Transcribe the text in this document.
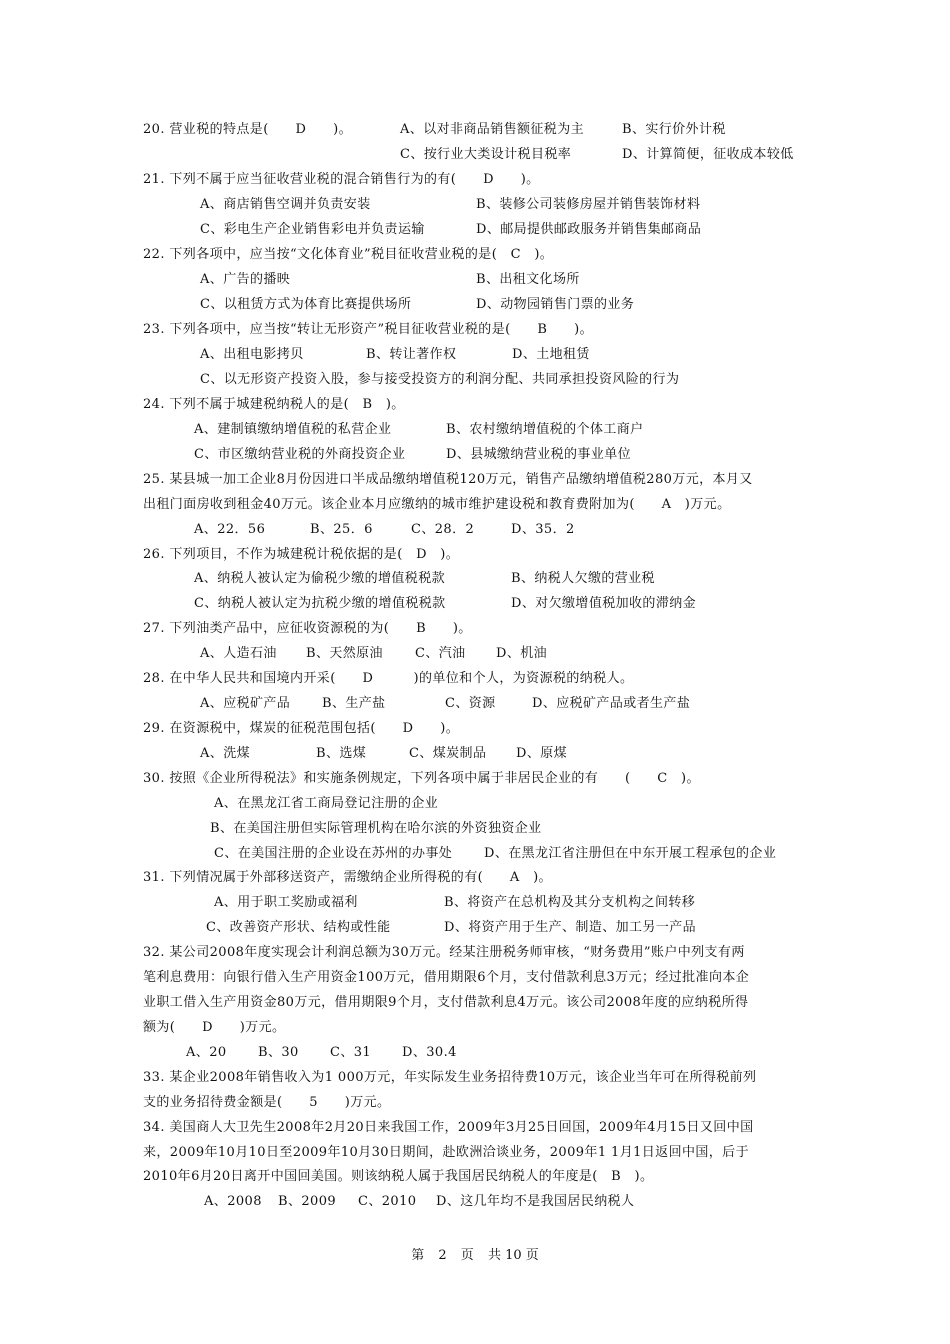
20. 营业税的特点是(　　D　　)。	A、以对非商品销售额征税为主	B、实行价外计税
C、按行业大类设计税目税率	D、计算简便，征收成本较低
21. 下列不属于应当征收营业税的混合销售行为的有(　　D　　)。
A、商店销售空调并负责安装	B、装修公司装修房屋并销售装饰材料
C、彩电生产企业销售彩电并负责运输	D、邮局提供邮政服务并销售集邮商品
22. 下列各项中，应当按“文化体育业”税目征收营业税的是(　C　)。
A、广告的播映	B、出租文化场所
C、以租赁方式为体育比赛提供场所	D、动物园销售门票的业务
23. 下列各项中，应当按“转让无形资产”税目征收营业税的是(　　B　　)。
A、出租电影拷贝	B、转让著作权	D、土地租赁
C、以无形资产投资入股，参与接受投资方的利润分配、共同承担投资风险的行为
24. 下列不属于城建税纳税人的是(　B　)。
A、建制镇缴纳增值税的私营企业	B、农村缴纳增值税的个体工商户
C、市区缴纳营业税的外商投资企业	D、县城缴纳营业税的事业单位
25. 某县城一加工企业8月份因进口半成品缴纳增值税120万元，销售产品缴纳增值税280万元，本月又
出租门面房收到租金40万元。该企业本月应缴纳的城市维护建设税和教育费附加为(　　A　)万元。
A、22．56	B、25．6	C、28．2	D、35．2
26. 下列项目，不作为城建税计税依据的是(　D　)。
A、纳税人被认定为偷税少缴的增值税税款	B、纳税人欠缴的营业税
C、纳税人被认定为抗税少缴的增值税税款	D、对欠缴增值税加收的滞纳金
27. 下列油类产品中，应征收资源税的为(　　B　　)。
A、人造石油 B、天然原油 C、汽油 D、机油
28. 在中华人民共和国境内开采(　　D　　　)的单位和个人，为资源税的纳税人。
A、应税矿产品 B、生产盐	C、资源	D、应税矿产品或者生产盐
29. 在资源税中，煤炭的征税范围包括(　　D　　)。
A、洗煤	B、选煤	C、煤炭制品 D、原煤
30. 按照《企业所得税法》和实施条例规定，下列各项中属于非居民企业的有　　(　　C　)。
A、在黑龙江省工商局登记注册的企业
B、在美国注册但实际管理机构在哈尔滨的外资独资企业
C、在美国注册的企业设在苏州的办事处 D、在黑龙江省注册但在中东开展工程承包的企业
31. 下列情况属于外部移送资产，需缴纳企业所得税的有(　　A　)。
A、用于职工奖励或福利	B、将资产在总机构及其分支机构之间转移
C、改善资产形状、结构或性能	D、将资产用于生产、制造、加工另一产品
32. 某公司2008年度实现会计利润总额为30万元。经某注册税务师审核，“财务费用”账户中列支有两
笔利息费用：向银行借入生产用资金100万元，借用期限6个月，支付借款利息3万元；经过批准向本企
业职工借入生产用资金80万元，借用期限9个月，支付借款利息4万元。该公司2008年度的应纳税所得
额为(　　D　　)万元。
A、20 B、30 C、31 D、30.4
33. 某企业2008年销售收入为1 000万元，年实际发生业务招待费10万元，该企业当年可在所得税前列
支的业务招待费金额是(　　5　　)万元。
34. 美国商人大卫先生2008年2月20日来我国工作，2009年3月25日回国，2009年4月15日又回中国
来，2009年10月10日至2009年10月30日期间，赴欧洲洽谈业务，2009年1 1月1日返回中国，后于
2010年6月20日离开中国回美国。则该纳税人属于我国居民纳税人的年度是(　B　)。
A、2008 B、2009 C、2010 D、这几年均不是我国居民纳税人
第 2 页 共 10 页
